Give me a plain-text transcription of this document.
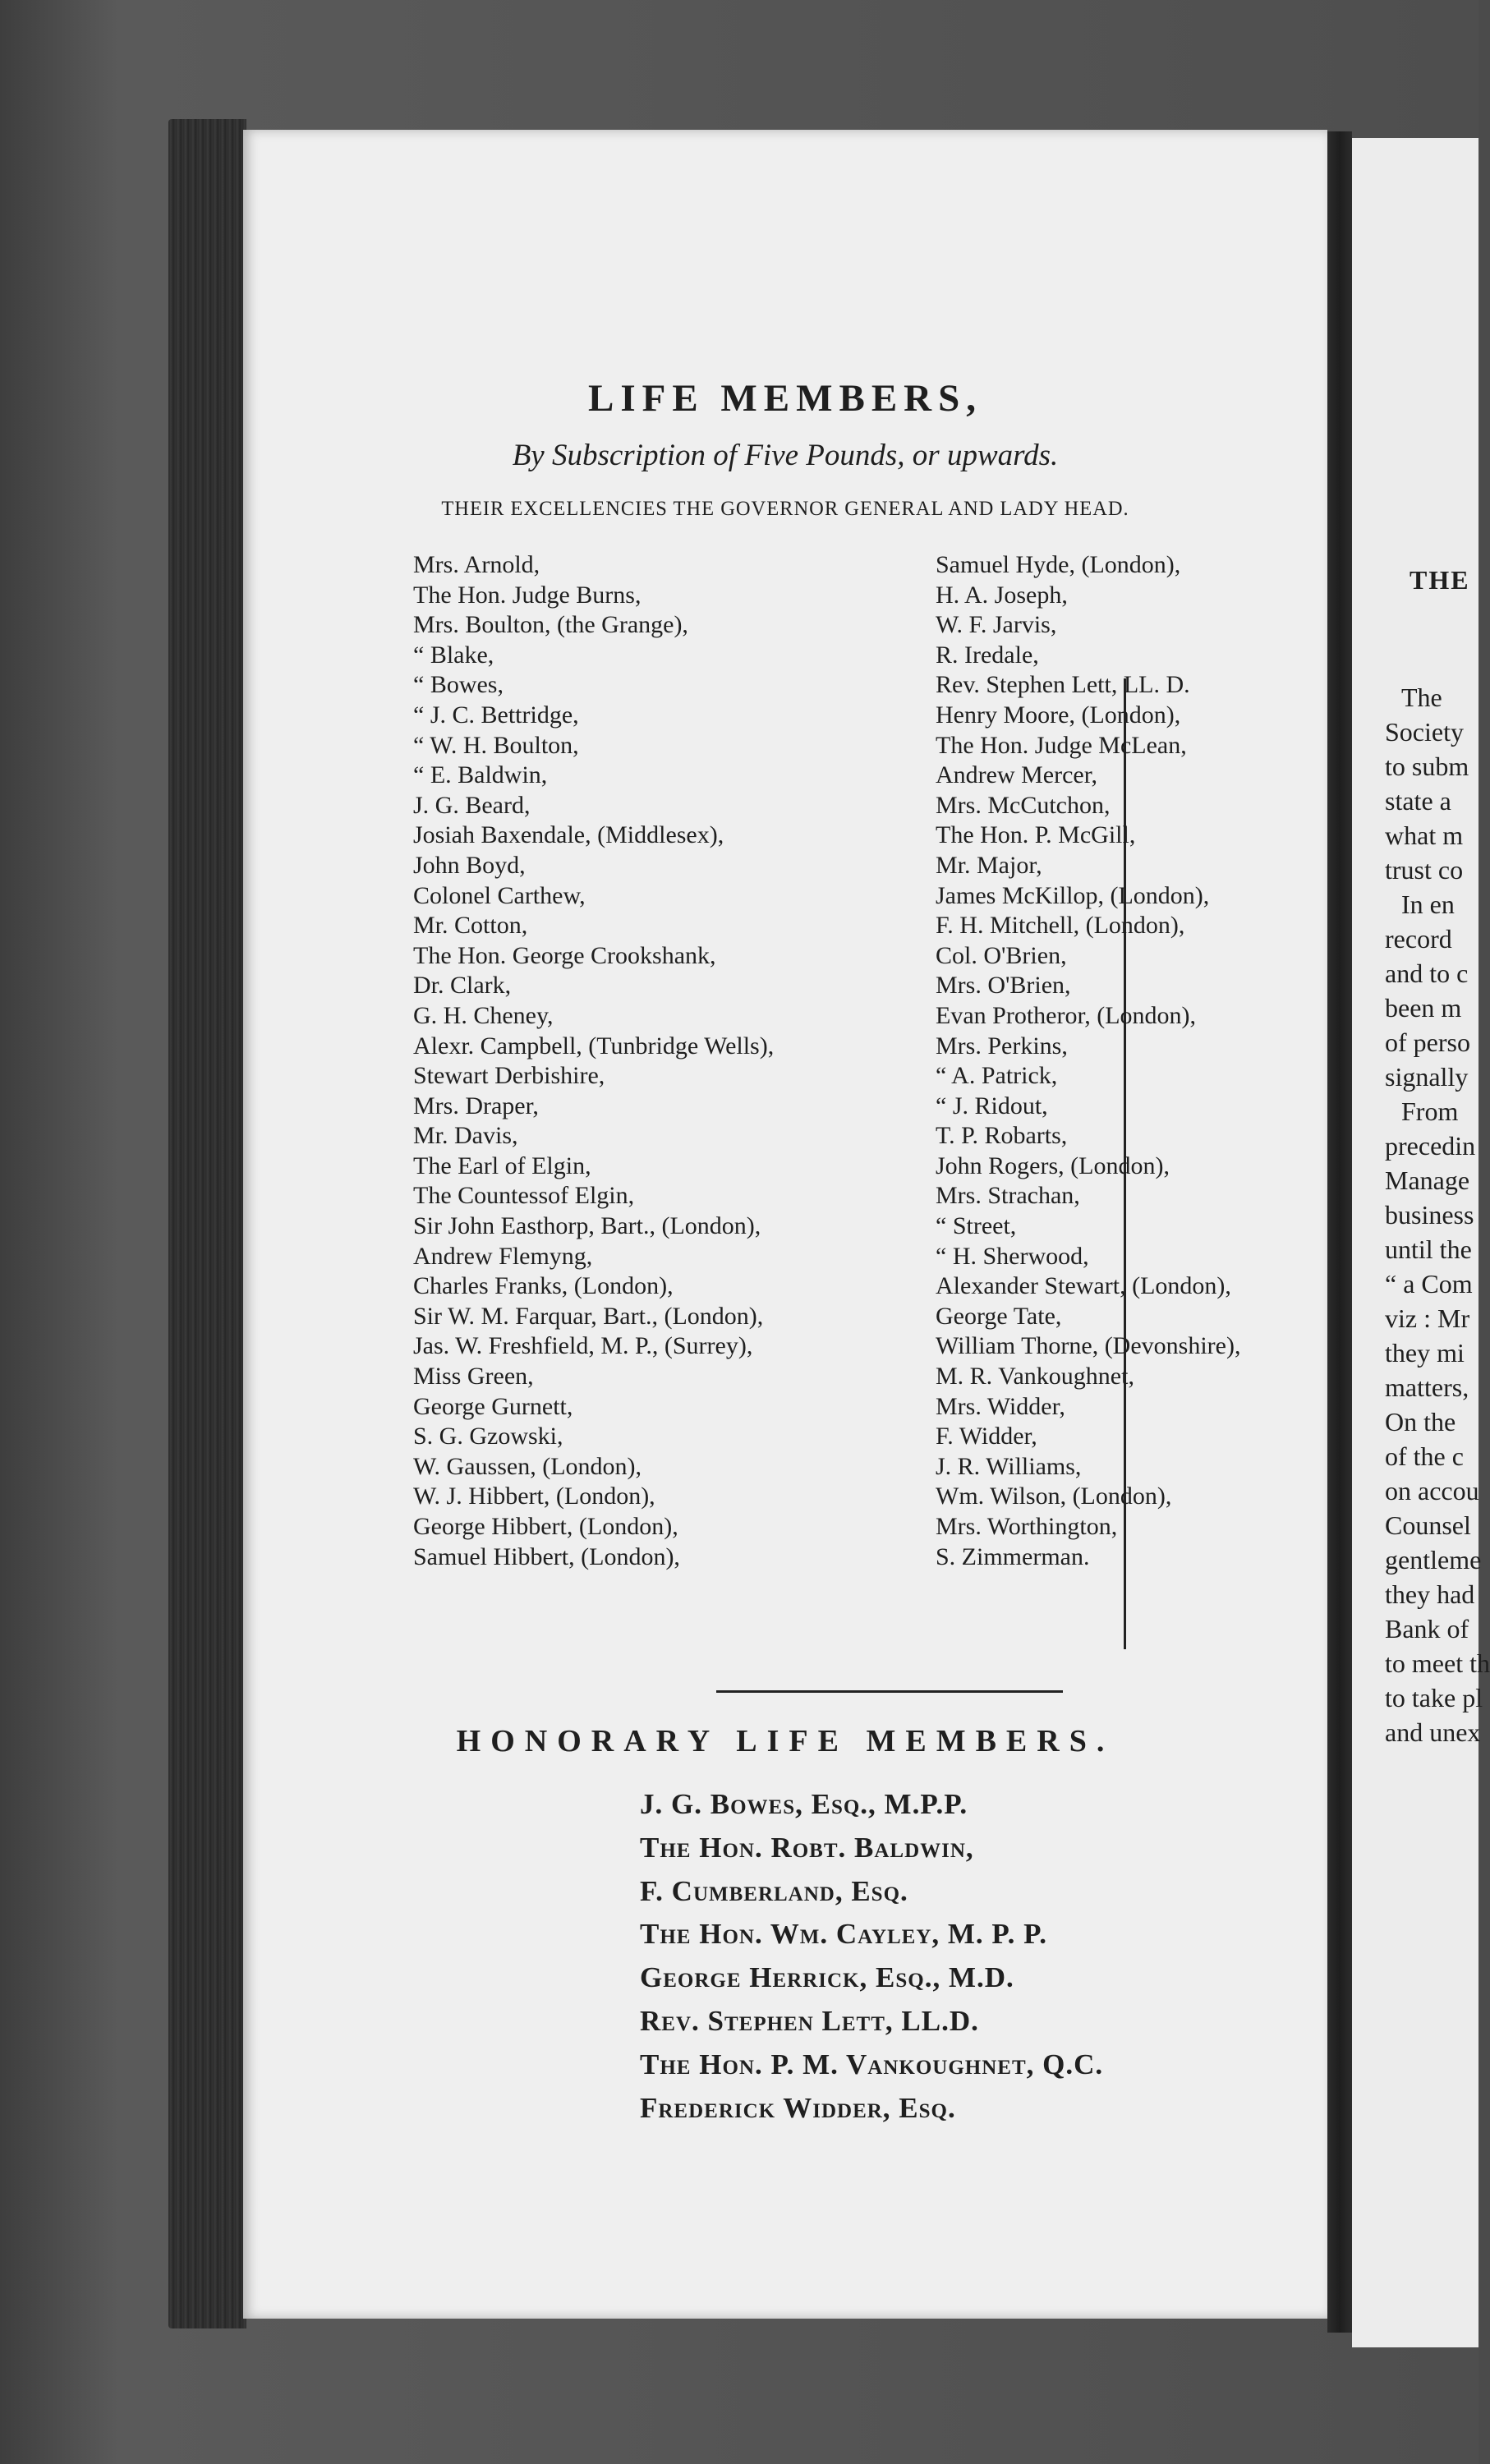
LIFE MEMBERS,
By Subscription of Five Pounds, or upwards.
THEIR EXCELLENCIES THE GOVERNOR GENERAL AND LADY HEAD.
Mrs. Arnold,
The Hon. Judge Burns,
Mrs. Boulton, (the Grange),
“ Blake,
“ Bowes,
“ J. C. Bettridge,
“ W. H. Boulton,
“ E. Baldwin,
J. G. Beard,
Josiah Baxendale, (Middlesex),
John Boyd,
Colonel Carthew,
Mr. Cotton,
The Hon. George Crookshank,
Dr. Clark,
G. H. Cheney,
Alexr. Campbell, (Tunbridge Wells),
Stewart Derbishire,
Mrs. Draper,
Mr. Davis,
The Earl of Elgin,
The Countessof Elgin,
Sir John Easthorp, Bart., (London),
Andrew Flemyng,
Charles Franks, (London),
Sir W. M. Farquar, Bart., (London),
Jas. W. Freshfield, M. P., (Surrey),
Miss Green,
George Gurnett,
S. G. Gzowski,
W. Gaussen, (London),
W. J. Hibbert, (London),
George Hibbert, (London),
Samuel Hibbert, (London),
Samuel Hyde, (London),
H. A. Joseph,
W. F. Jarvis,
R. Iredale,
Rev. Stephen Lett, LL. D.
Henry Moore, (London),
The Hon. Judge McLean,
Andrew Mercer,
Mrs. McCutchon,
The Hon. P. McGill,
Mr. Major,
James McKillop, (London),
F. H. Mitchell, (London),
Col. O'Brien,
Mrs. O'Brien,
Evan Protheror, (London),
Mrs. Perkins,
“ A. Patrick,
“ J. Ridout,
T. P. Robarts,
John Rogers, (London),
Mrs. Strachan,
“ Street,
“ H. Sherwood,
Alexander Stewart, (London),
George Tate,
William Thorne, (Devonshire),
M. R. Vankoughnet,
Mrs. Widder,
F. Widder,
J. R. Williams,
Wm. Wilson, (London),
Mrs. Worthington,
S. Zimmerman.
HONORARY LIFE MEMBERS.
J. G. Bowes, Esq., M.P.P.
The Hon. Robt. Baldwin,
F. Cumberland, Esq.
The Hon. Wm. Cayley, M. P. P.
George Herrick, Esq., M.D.
Rev. Stephen Lett, LL.D.
The Hon. P. M. Vankoughnet, Q.C.
Frederick Widder, Esq.
THE
The
Society
to subm
state a
what m
trust co
In en
record
and to c
been m
of perso
signally
From
precedin
Manage
business
until the
“ a Com
viz : Mr
they mi
matters,
On the
of the c
on accou
Counsel
gentleme
they had
Bank of
to meet th
to take pl
and unex
